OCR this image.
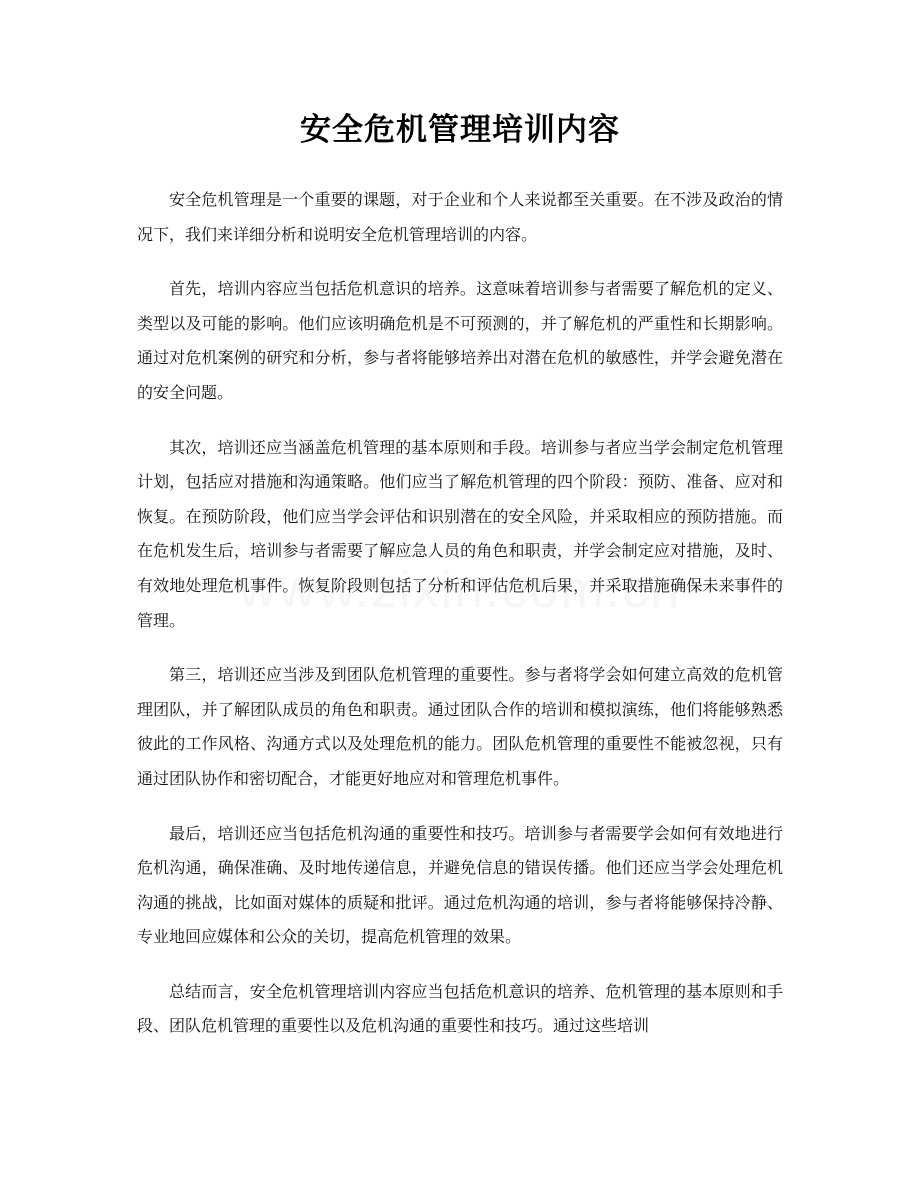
安全危机管理培训内容

安全危机管理是一个重要的课题，对于企业和个人来说都至关重要。在不涉及政治的情况下，我们来详细分析和说明安全危机管理培训的内容。

首先，培训内容应当包括危机意识的培养。这意味着培训参与者需要了解危机的定义、类型以及可能的影响。他们应该明确危机是不可预测的，并了解危机的严重性和长期影响。通过对危机案例的研究和分析，参与者将能够培养出对潜在危机的敏感性，并学会避免潜在的安全问题。

其次，培训还应当涵盖危机管理的基本原则和手段。培训参与者应当学会制定危机管理计划，包括应对措施和沟通策略。他们应当了解危机管理的四个阶段：预防、准备、应对和恢复。在预防阶段，他们应当学会评估和识别潜在的安全风险，并采取相应的预防措施。而在危机发生后，培训参与者需要了解应急人员的角色和职责，并学会制定应对措施，及时、有效地处理危机事件。恢复阶段则包括了分析和评估危机后果，并采取措施确保未来事件的管理。

第三，培训还应当涉及到团队危机管理的重要性。参与者将学会如何建立高效的危机管理团队，并了解团队成员的角色和职责。通过团队合作的培训和模拟演练，他们将能够熟悉彼此的工作风格、沟通方式以及处理危机的能力。团队危机管理的重要性不能被忽视，只有通过团队协作和密切配合，才能更好地应对和管理危机事件。

最后，培训还应当包括危机沟通的重要性和技巧。培训参与者需要学会如何有效地进行危机沟通，确保准确、及时地传递信息，并避免信息的错误传播。他们还应当学会处理危机沟通的挑战，比如面对媒体的质疑和批评。通过危机沟通的培训，参与者将能够保持冷静、专业地回应媒体和公众的关切，提高危机管理的效果。

总结而言，安全危机管理培训内容应当包括危机意识的培养、危机管理的基本原则和手段、团队危机管理的重要性以及危机沟通的重要性和技巧。通过这些培训
